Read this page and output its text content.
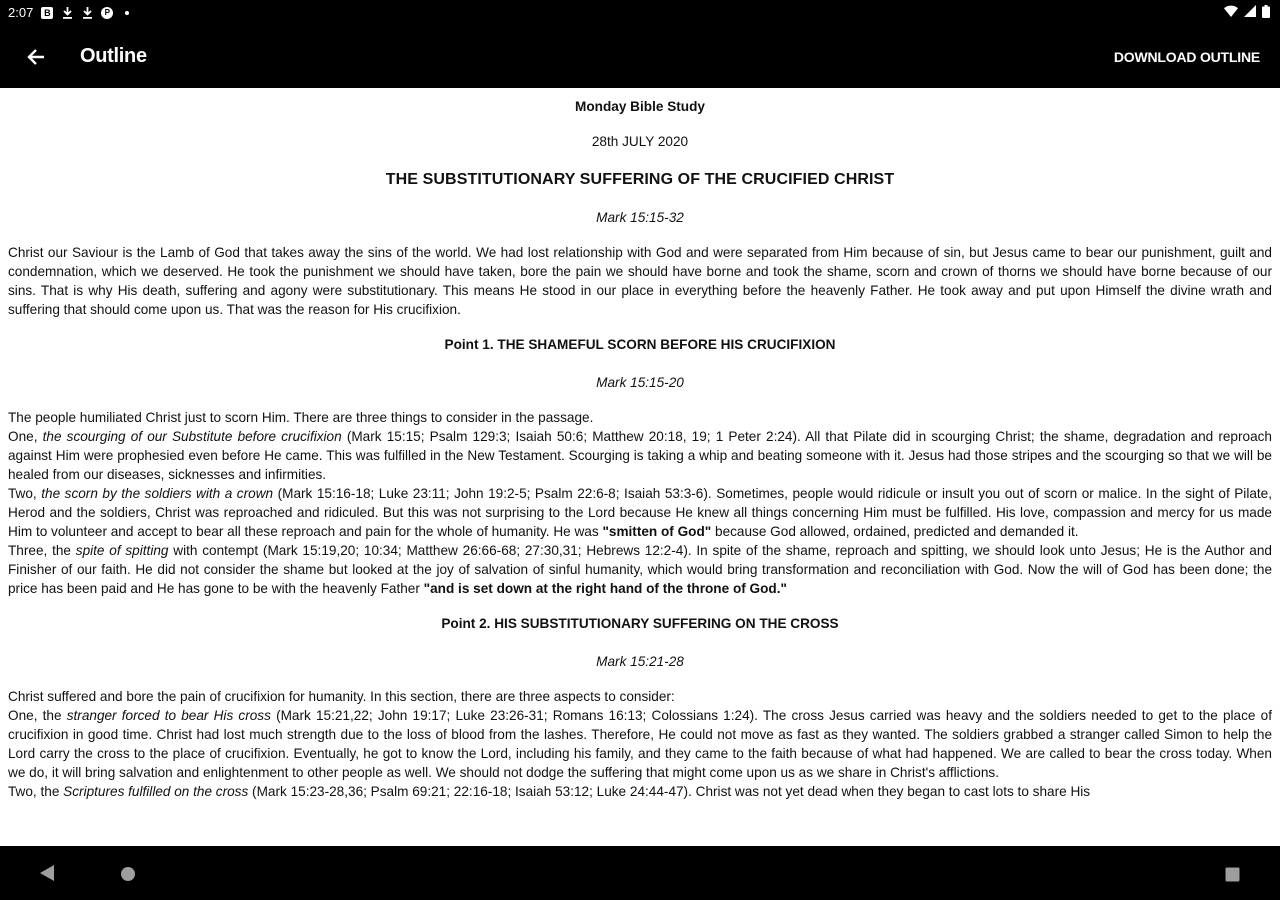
2:07	B	P
Outline	DOWNLOAD OUTLINE
Monday Bible Study
28th JULY 2020
THE SUBSTITUTIONARY SUFFERING OF THE CRUCIFIED CHRIST
Mark 15:15-32

Christ our Saviour is the Lamb of God that takes away the sins of the world. We had lost relationship with God and were separated from Him because of sin, but Jesus came to bear our punishment, guilt and condemnation, which we deserved. He took the punishment we should have taken, bore the pain we should have borne and took the shame, scorn and crown of thorns we should have borne because of our sins. That is why His death, suffering and agony were substitutionary. This means He stood in our place in everything before the heavenly Father. He took away and put upon Himself the divine wrath and suffering that should come upon us. That was the reason for His crucifixion.

Point 1. THE SHAMEFUL SCORN BEFORE HIS CRUCIFIXION
Mark 15:15-20

The people humiliated Christ just to scorn Him. There are three things to consider in the passage.

One, the scourging of our Substitute before crucifixion (Mark 15:15; Psalm 129:3; Isaiah 50:6; Matthew 20:18, 19; 1 Peter 2:24). All that Pilate did in scourging Christ; the shame, degradation and reproach against Him were prophesied even before He came. This was fulfilled in the New Testament. Scourging is taking a whip and beating someone with it. Jesus had those stripes and the scourging so that we will be healed from our diseases, sicknesses and infirmities.

Two, the scorn by the soldiers with a crown (Mark 15:16-18; Luke 23:11; John 19:2-5; Psalm 22:6-8; Isaiah 53:3-6). Sometimes, people would ridicule or insult you out of scorn or malice. In the sight of Pilate, Herod and the soldiers, Christ was reproached and ridiculed. But this was not surprising to the Lord because He knew all things concerning Him must be fulfilled. His love, compassion and mercy for us made Him to volunteer and accept to bear all these reproach and pain for the whole of humanity. He was "smitten of God" because God allowed, ordained, predicted and demanded it.

Three, the spite of spitting with contempt (Mark 15:19,20; 10:34; Matthew 26:66-68; 27:30,31; Hebrews 12:2-4). In spite of the shame, reproach and spitting, we should look unto Jesus; He is the Author and Finisher of our faith. He did not consider the shame but looked at the joy of salvation of sinful humanity, which would bring transformation and reconciliation with God. Now the will of God has been done; the price has been paid and He has gone to be with the heavenly Father "and is set down at the right hand of the throne of God."

Point 2. HIS SUBSTITUTIONARY SUFFERING ON THE CROSS
Mark 15:21-28

Christ suffered and bore the pain of crucifixion for humanity. In this section, there are three aspects to consider:

One, the stranger forced to bear His cross (Mark 15:21,22; John 19:17; Luke 23:26-31; Romans 16:13; Colossians 1:24). The cross Jesus carried was heavy and the soldiers needed to get to the place of crucifixion in good time. Christ had lost much strength due to the loss of blood from the lashes. Therefore, He could not move as fast as they wanted. The soldiers grabbed a stranger called Simon to help the Lord carry the cross to the place of crucifixion. Eventually, he got to know the Lord, including his family, and they came to the faith because of what had happened. We are called to bear the cross today. When we do, it will bring salvation and enlightenment to other people as well. We should not dodge the suffering that might come upon us as we share in Christ's afflictions.

Two, the Scriptures fulfilled on the cross (Mark 15:23-28,36; Psalm 69:21; 22:16-18; Isaiah 53:12; Luke 24:44-47). Christ was not yet dead when they began to cast lots to share His
